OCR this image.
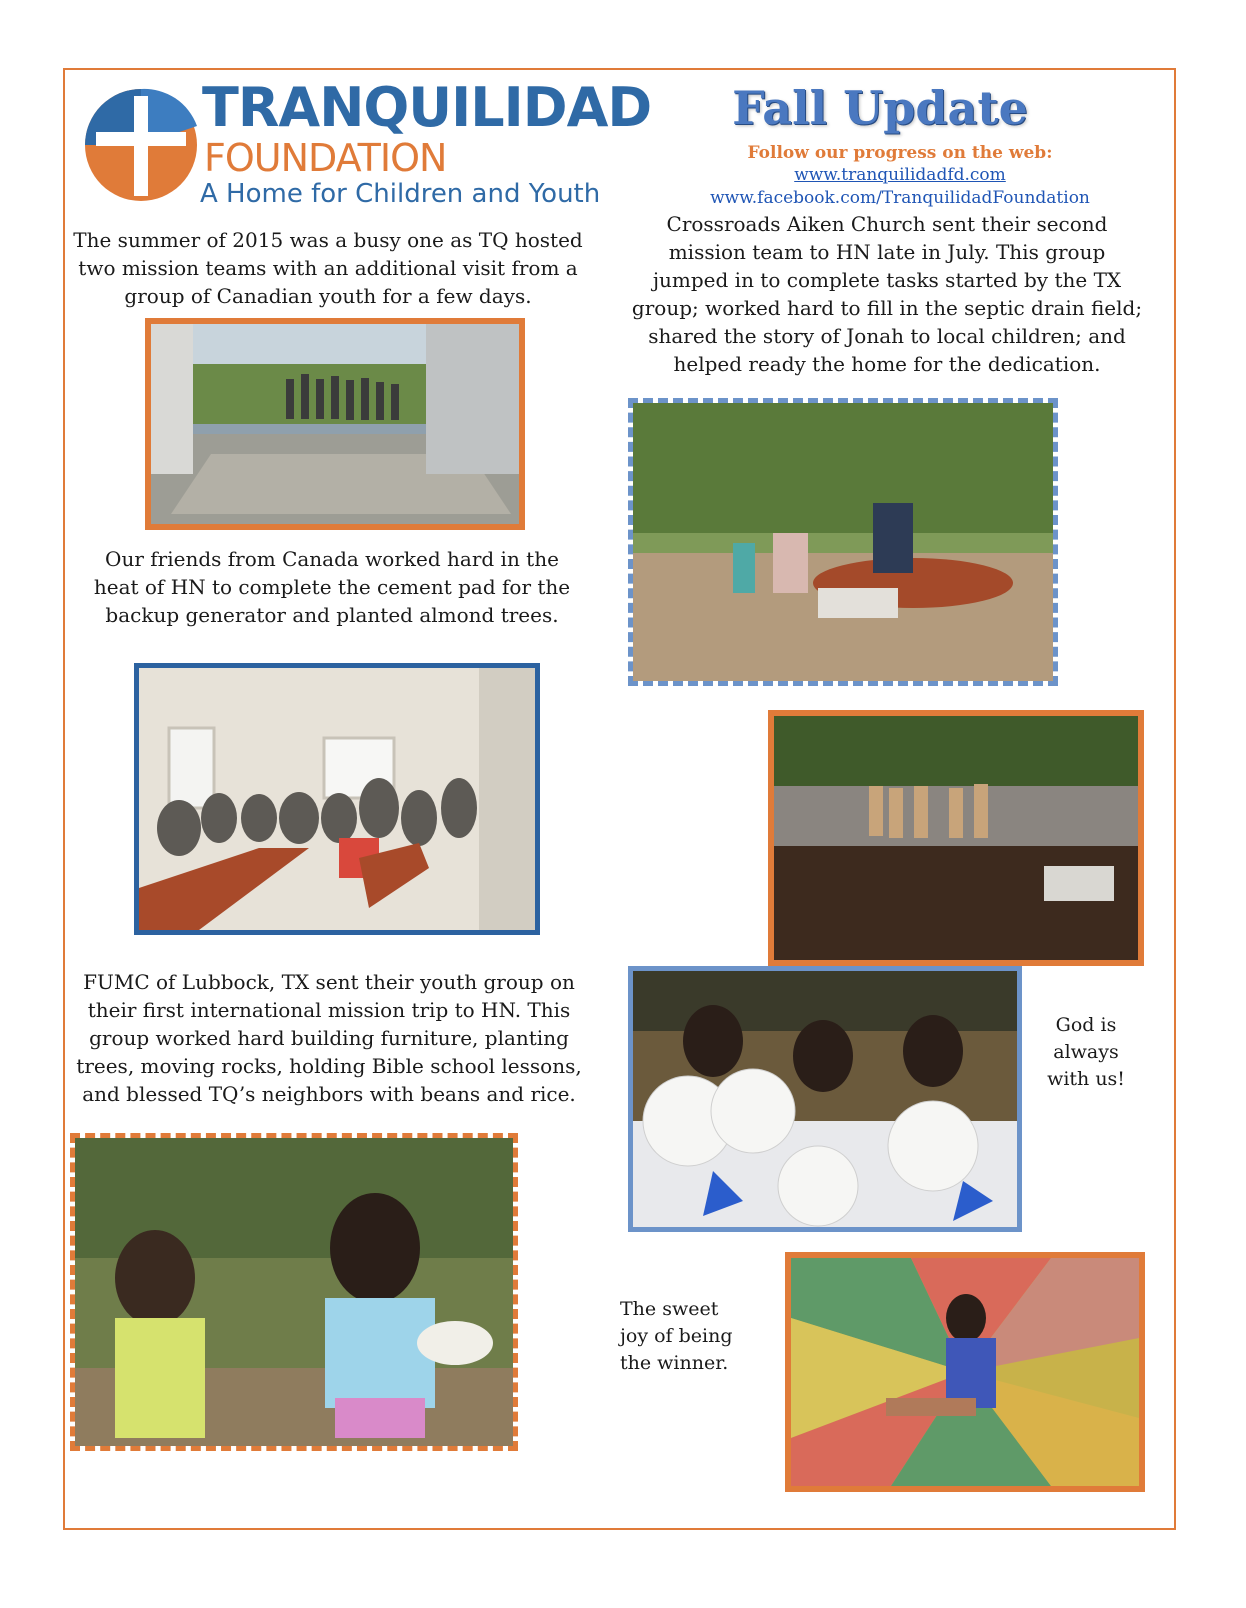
TRANQUILIDAD
FOUNDATION
A Home for Children and Youth
Fall Update
Follow our progress on the web:
www.tranquilidadfd.com
www.facebook.com/TranquilidadFoundation
The summer of 2015 was a busy one as TQ hosted two mission teams with an additional visit from a group of Canadian youth for a few days.
Our friends from Canada worked hard in the heat of HN to complete the cement pad for the backup generator and planted almond trees.
FUMC of Lubbock, TX sent their youth group on their first international mission trip to HN. This group worked hard building furniture, planting trees, moving rocks, holding Bible school lessons, and blessed TQ’s neighbors with beans and rice.
Crossroads Aiken Church sent their second mission team to HN late in July. This group jumped in to complete tasks started by the TX group; worked hard to fill in the septic drain field; shared the story of Jonah to local children; and helped ready the home for the dedication.
God is always with us!
The sweet joy of being the winner.
